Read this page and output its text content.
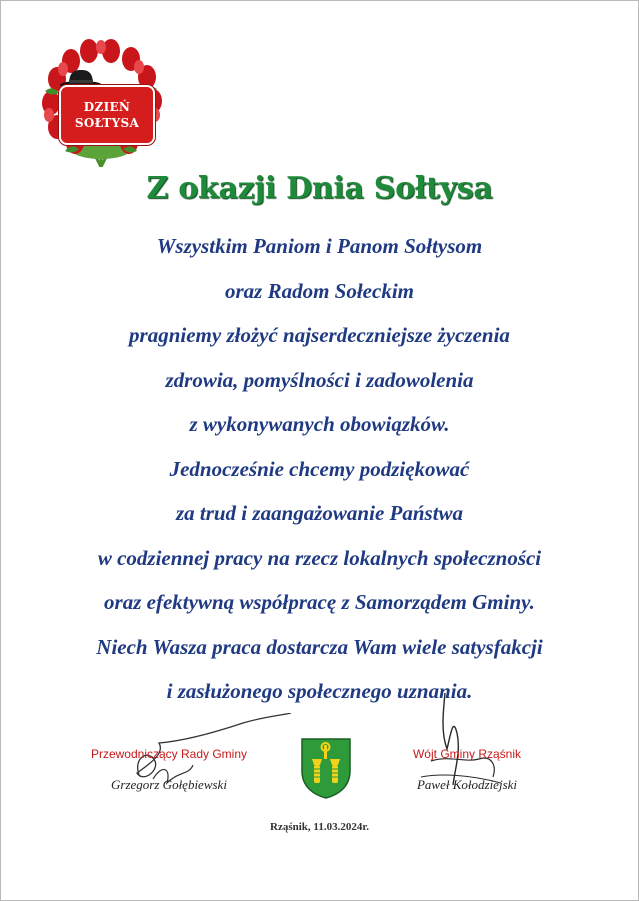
DZIEŃ
SOŁTYSA
Z okazji Dnia Sołtysa
Wszystkim Paniom i Panom Sołtysom
oraz Radom Sołeckim
pragniemy złożyć najserdeczniejsze życzenia
zdrowia, pomyślności i zadowolenia
z wykonywanych obowiązków.
Jednocześnie chcemy podziękować
za trud i zaangażowanie Państwa
w codziennej pracy na rzecz lokalnych społeczności
oraz efektywną współpracę z Samorządem Gminy.
Niech Wasza praca dostarcza Wam wiele satysfakcji
i zasłużonego społecznego uznania.
Przewodniczący Rady Gminy
Grzegorz Gołębiewski
Wójt Gminy Rząśnik
Paweł Kołodziejski
Rząśnik, 11.03.2024r.
